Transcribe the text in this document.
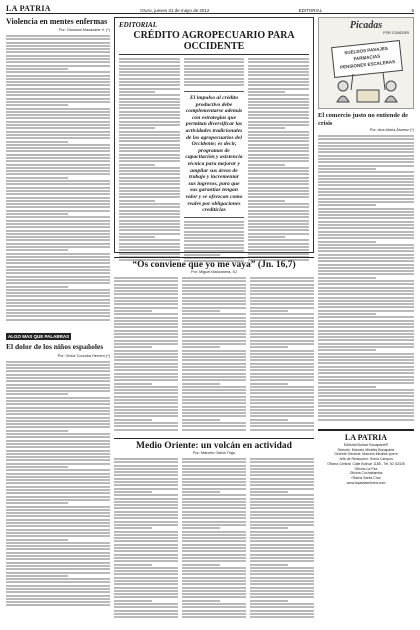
LA PATRIA	Oruro, jueves 31 de mayo de 2012	EDITORIAL	5
Violencia en mentes enfermas
Por: Giovanni Macacarte V. (*)
ALGO MAS QUE PALABRAS
El dolor de los niños españoles
Por: Víctor Corcoba Herrero (*)
EDITORIAL
CRÉDITO AGROPECUARIO PARA OCCIDENTE
El impulso al crédito productivo debe complementarse además con estrategias que permitan diversificar las actividades tradicionales de los agropecuarios del Occidente; es decir, programas de capacitación y asistencia técnica para mejorar y ampliar sus áreas de trabajo y incrementar sus ingresos, para que sus garantías tengan valor y se ofrezcan como reales por obligaciones crediticias
Picadas
POR CONDORI
SUELDOS PASAJES
FARMACIAS
PENSIONES ESCALERAS
El comercio justo no entiende de crisis
Por: Ana María Álvarez (*)
LA PATRIA
Editorial Bolívar Bonaparte®
Director: Marcelo Miralles Bonaparte
Gerente General: Marcelo Miralles Iporre
Jefe de Redacción: Sonia Campos
Oficina Central: Calle Bolívar 1185 - Tel. 52 52325
Oficina La Paz
Oficina Cochabamba
Oficina Santa Cruz
www.lapatriaenlinea.com
“Os conviene que yo me vaya” (Jn. 16,7)
Por: Miguel Manzanera, SJ
Medio Oriente: un volcán en actividad
Por: Marcelo Ostria Trigo
